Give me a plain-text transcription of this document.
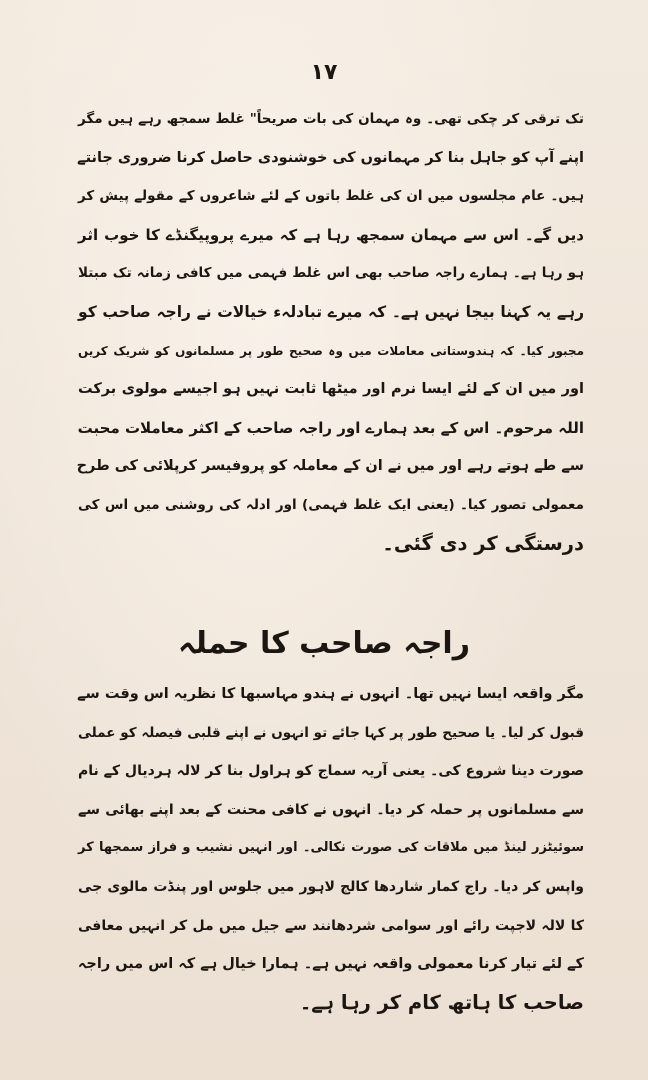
۱۷
تک ترقی کر چکی تھی۔ وہ مہمان کی بات صریحاً" غلط سمجھ رہے ہیں مگر
اپنے آپ کو جاہل بنا کر مہمانوں کی خوشنودی حاصل کرنا ضروری جانتے
ہیں۔ عام مجلسوں میں ان کی غلط باتوں کے لئے شاعروں کے مقولے پیش کر
دیں گے۔ اس سے مہمان سمجھ رہا ہے کہ میرے پروپیگنڈے کا خوب اثر
ہو رہا ہے۔ ہمارے راجہ صاحب بھی اس غلط فہمی میں کافی زمانہ تک مبتلا
رہے یہ کہنا بیجا نہیں ہے۔ کہ میرے تبادلہء خیالات نے راجہ صاحب کو
مجبور کیا۔ کہ ہندوستانی معاملات میں وہ صحیح طور پر مسلمانوں کو شریک کریں
اور میں ان کے لئے ایسا نرم اور میٹھا ثابت نہیں ہو اجیسے مولوی برکت
اللہ مرحوم۔ اس کے بعد ہمارے اور راجہ صاحب کے اکثر معاملات محبت
سے طے ہوتے رہے اور میں نے ان کے معاملہ کو پروفیسر کرپلائی کی طرح
معمولی تصور کیا۔ (یعنی ایک غلط فہمی) اور ادلہ کی روشنی میں اس کی
درستگی کر دی گئی۔
راجہ صاحب کا حملہ
مگر واقعہ ایسا نہیں تھا۔ انہوں نے ہندو مہاسبھا کا نظریہ اس وقت سے
قبول کر لیا۔ یا صحیح طور پر کہا جائے تو انہوں نے اپنے قلبی فیصلہ کو عملی
صورت دینا شروع کی۔ یعنی آریہ سماج کو ہراول بنا کر لالہ ہردیال کے نام
سے مسلمانوں پر حملہ کر دیا۔ انہوں نے کافی محنت کے بعد اپنے بھائی سے
سوئیٹزر لینڈ میں ملاقات کی صورت نکالی۔ اور انہیں نشیب و فراز سمجھا کر
واپس کر دیا۔ راج کمار شاردھا کالج لاہور میں جلوس اور پنڈت مالوی جی
کا لالہ لاجپت رائے اور سوامی شردھانند سے جیل میں مل کر انہیں معافی
کے لئے تیار کرنا معمولی واقعہ نہیں ہے۔ ہمارا خیال ہے کہ اس میں راجہ
صاحب کا ہاتھ کام کر رہا ہے۔
